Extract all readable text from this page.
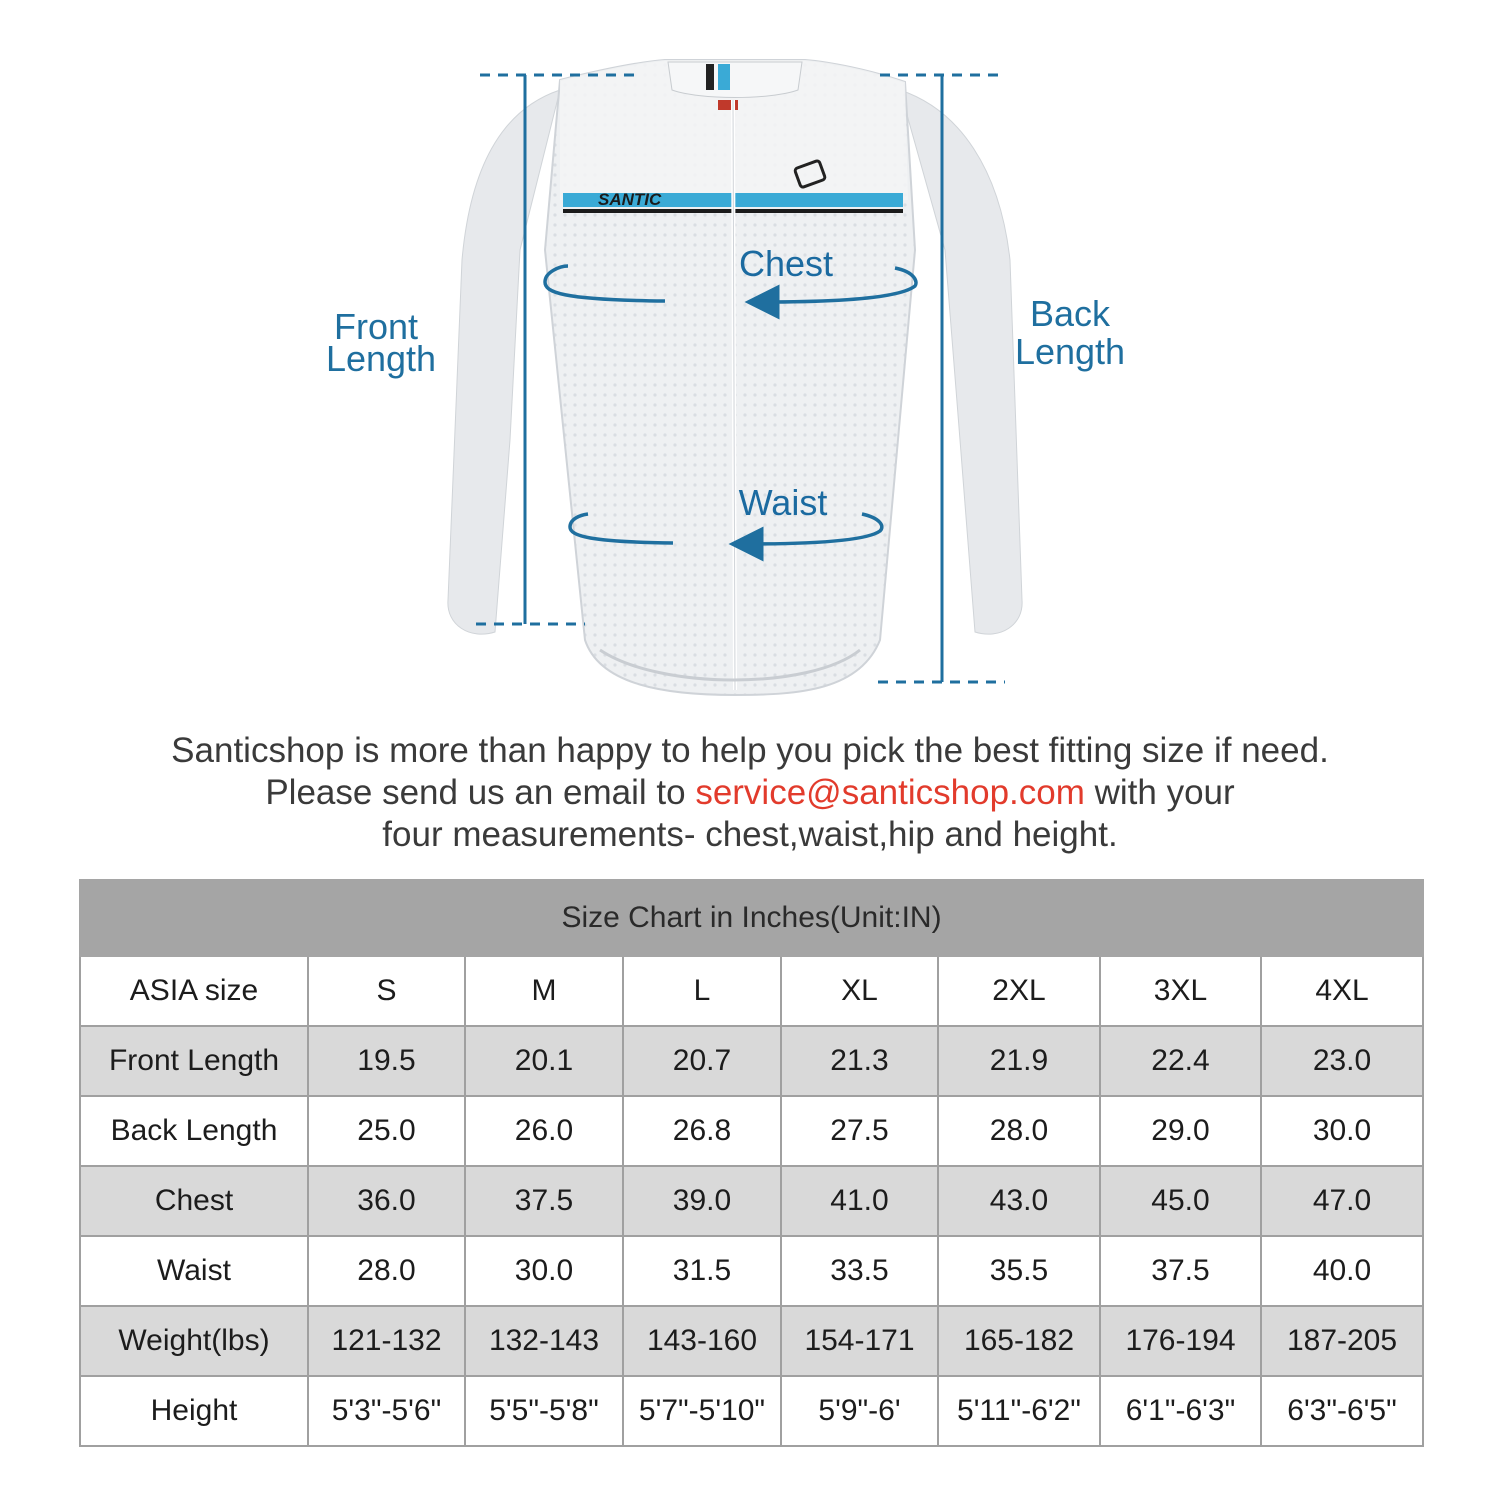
SANTIC
Front
Length
Back
Length
Chest
Waist
Santicshop is more than happy to help you pick the best fitting size if need.
Please send us an email to service@santicshop.com with your
four measurements- chest,waist,hip and height.
Size Chart in Inches(Unit:IN)							
ASIA size	S	M	L	XL	2XL	3XL	4XL
Front Length	19.5	20.1	20.7	21.3	21.9	22.4	23.0
Back Length	25.0	26.0	26.8	27.5	28.0	29.0	30.0
Chest	36.0	37.5	39.0	41.0	43.0	45.0	47.0
Waist	28.0	30.0	31.5	33.5	35.5	37.5	40.0
Weight(lbs)	121-132	132-143	143-160	154-171	165-182	176-194	187-205
Height	5'3"-5'6"	5'5"-5'8"	5'7"-5'10"	5'9"-6'	5'11"-6'2"	6'1"-6'3"	6'3"-6'5"
